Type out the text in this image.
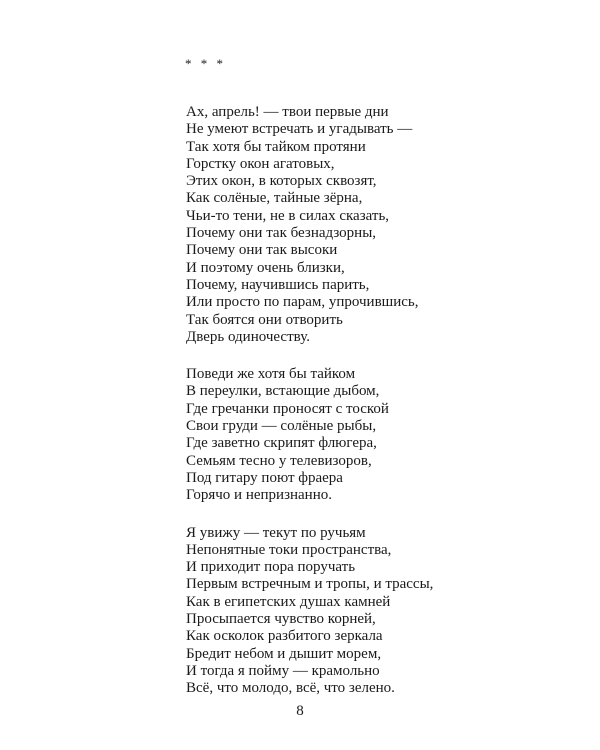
* * *
Ах, апрель! — твои первые дни
Не умеют встречать и угадывать —
Так хотя бы тайком протяни
Горстку окон агатовых,
Этих окон, в которых сквозят,
Как солёные, тайные зёрна,
Чьи-то тени, не в силах сказать,
Почему они так безнадзорны,
Почему они так высоки
И поэтому очень близки,
Почему, научившись парить,
Или просто по парам, упрочившись,
Так боятся они отворить
Дверь одиночеству.
Поведи же хотя бы тайком
В переулки, встающие дыбом,
Где гречанки проносят с тоской
Свои груди — солёные рыбы,
Где заветно скрипят флюгера,
Семьям тесно у телевизоров,
Под гитару поют фраера
Горячо и непризнанно.
Я увижу — текут по ручьям
Непонятные токи пространства,
И приходит пора поручать
Первым встречным и тропы, и трассы,
Как в египетских душах камней
Просыпается чувство корней,
Как осколок разбитого зеркала
Бредит небом и дышит морем,
И тогда я пойму — крамольно
Всё, что молодо, всё, что зелено.
8
